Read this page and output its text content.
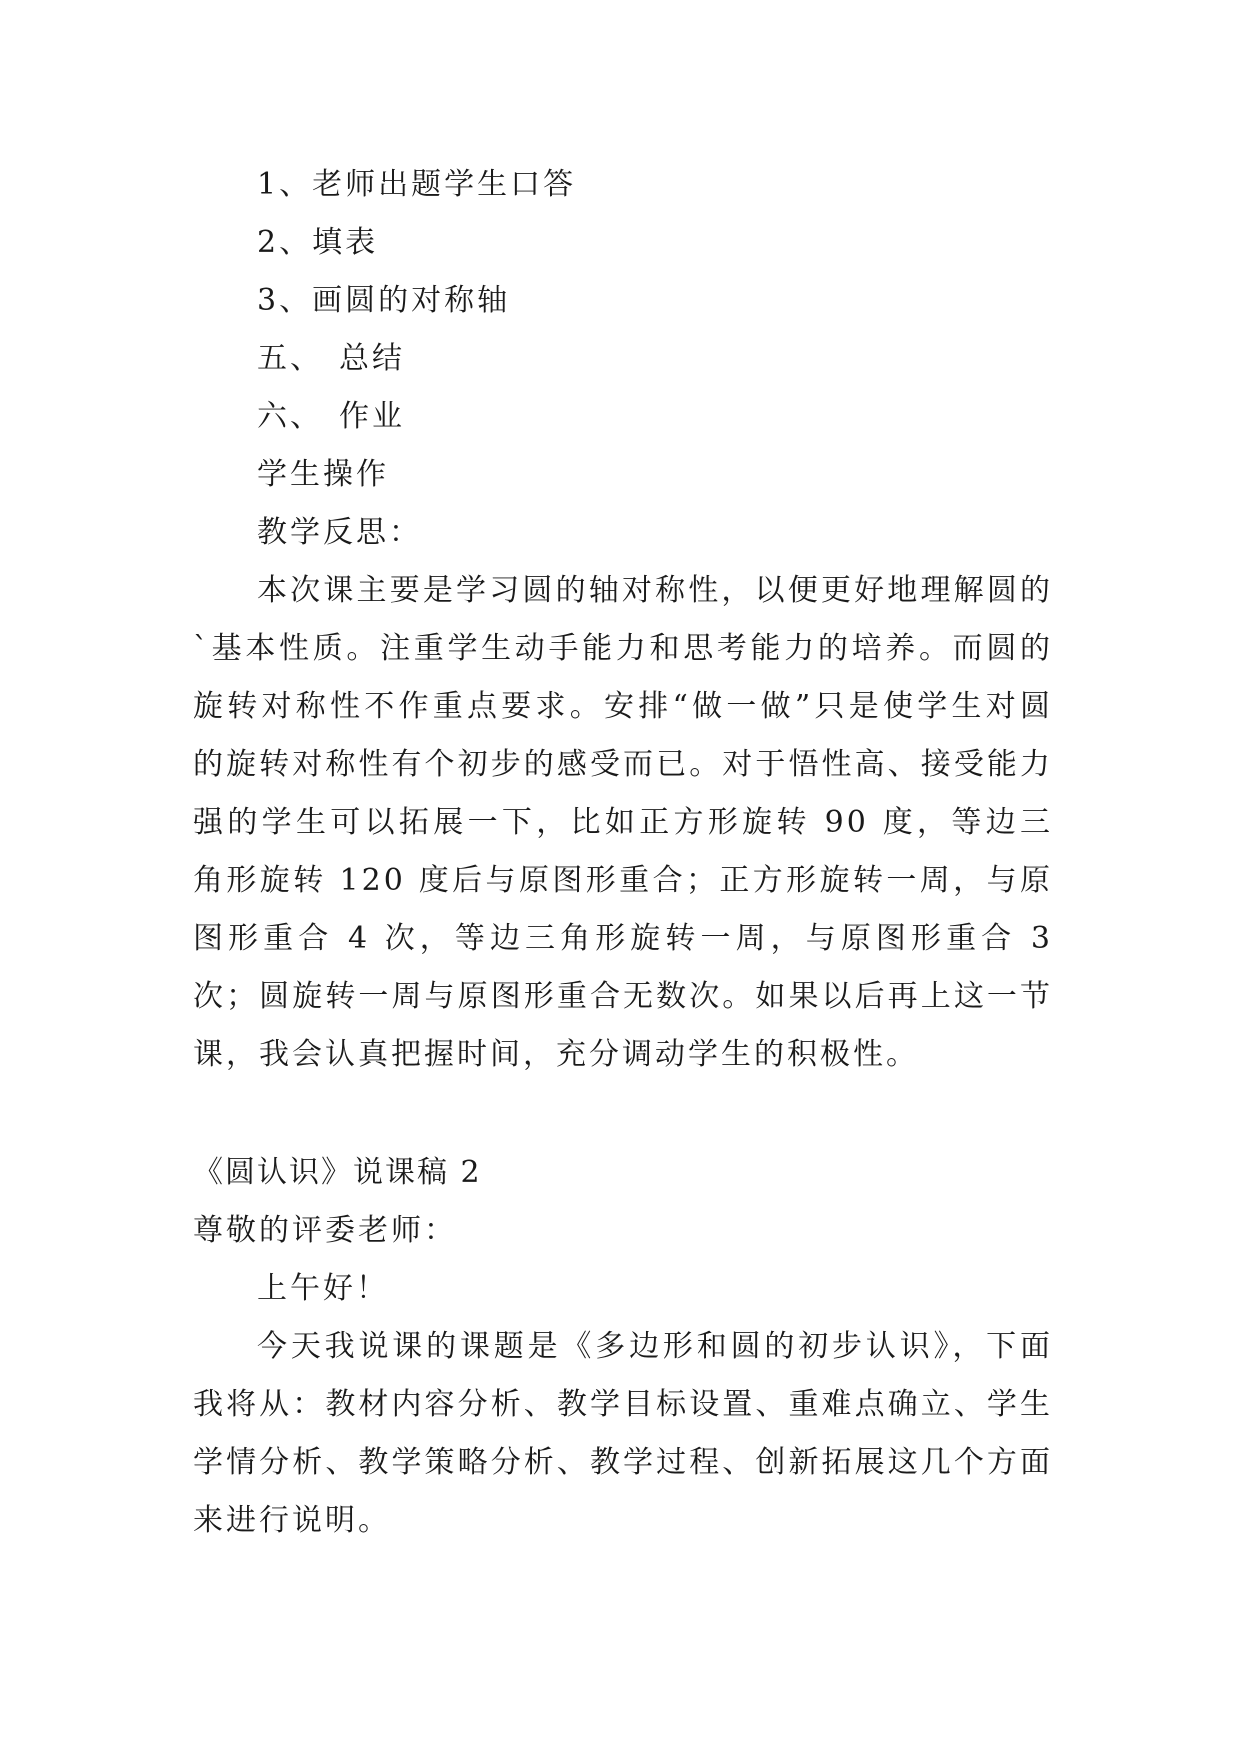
1、老师出题学生口答
2、填表
3、画圆的对称轴
五、 总结
六、 作业
学生操作
教学反思：

本次课主要是学习圆的轴对称性，以便更好地理解圆的`基本性质。注重学生动手能力和思考能力的培养。而圆的旋转对称性不作重点要求。安排“做一做”只是使学生对圆的旋转对称性有个初步的感受而已。对于悟性高、接受能力强的学生可以拓展一下，比如正方形旋转 90 度，等边三角形旋转 120 度后与原图形重合；正方形旋转一周，与原图形重合 4 次，等边三角形旋转一周，与原图形重合 3 次；圆旋转一周与原图形重合无数次。如果以后再上这一节课，我会认真把握时间，充分调动学生的积极性。

《圆认识》说课稿 2
尊敬的评委老师：
上午好！

今天我说课的课题是《多边形和圆的初步认识》，下面我将从：教材内容分析、教学目标设置、重难点确立、学生学情分析、教学策略分析、教学过程、创新拓展这几个方面来进行说明。
